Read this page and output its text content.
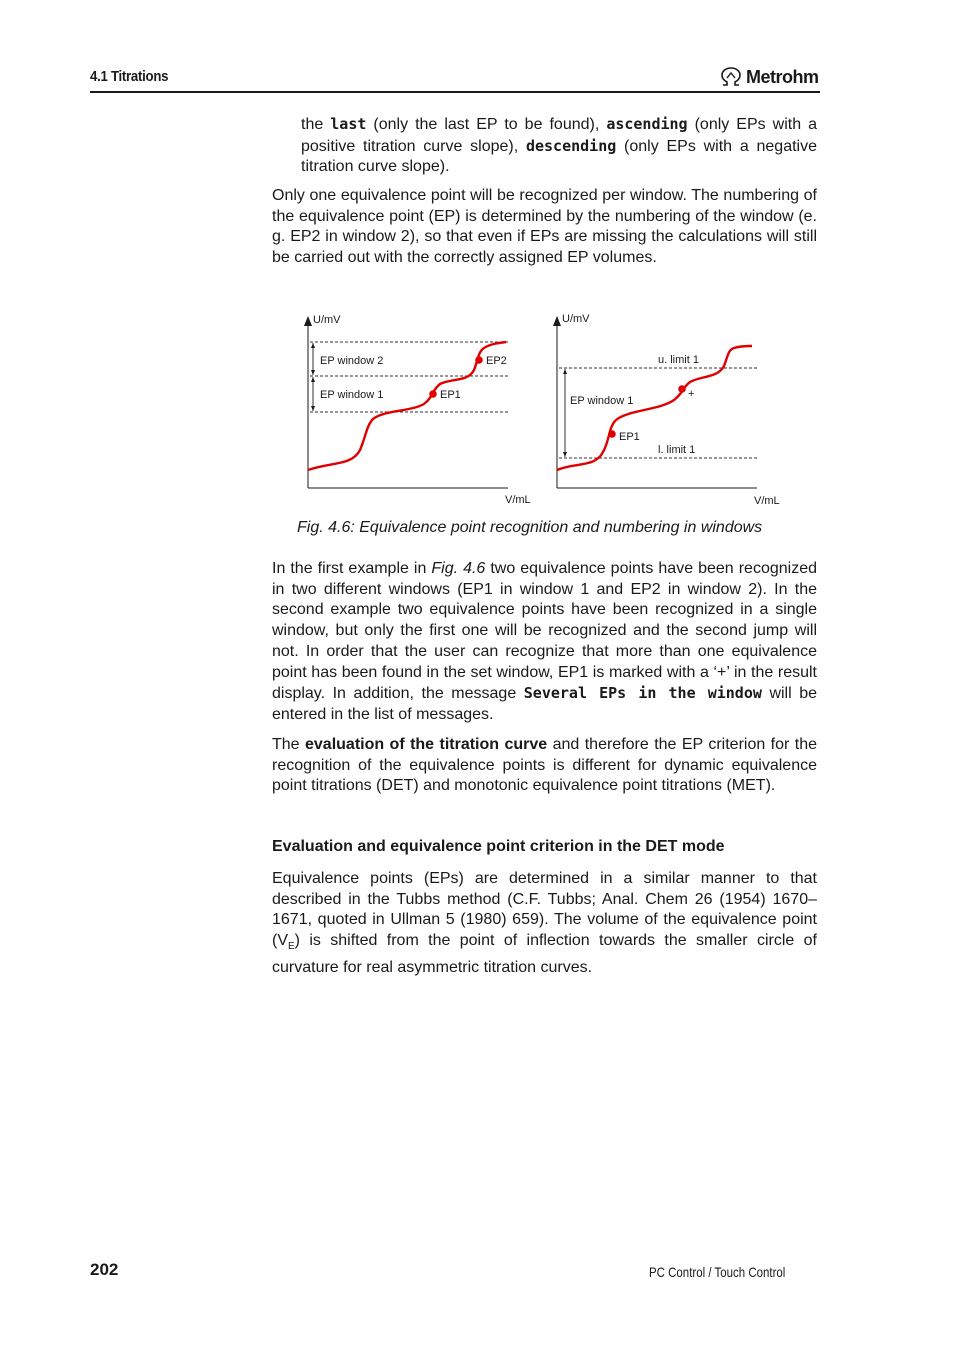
4.1 Titrations	Metrohm
the last (only the last EP to be found), ascending (only EPs with a positive titration curve slope), descending (only EPs with a negative titration curve slope).
Only one equivalence point will be recognized per window. The numbering of the equivalence point (EP) is determined by the numbering of the window (e. g. EP2 in window 2), so that even if EPs are missing the calculations will still be carried out with the correctly assigned EP volumes.
U/mV
V/mL
EP window 2
EP window 1	EP1
EP2
U/mV
V/mL
u. limit 1
l. limit 1
EP window 1
EP1
+
Fig. 4.6: Equivalence point recognition and numbering in windows
In the first example in Fig. 4.6 two equivalence points have been recognized in two different windows (EP1 in window 1 and EP2 in window 2). In the second example two equivalence points have been recognized in a single window, but only the first one will be recognized and the second jump will not. In order that the user can recognize that more than one equivalence point has been found in the set window, EP1 is marked with a ‘+’ in the result display. In addition, the message Several EPs in the window will be entered in the list of messages.
The evaluation of the titration curve and therefore the EP criterion for the recognition of the equivalence points is different for dynamic equivalence point titrations (DET) and monotonic equivalence point titrations (MET).
Evaluation and equivalence point criterion in the DET mode
Equivalence points (EPs) are determined in a similar manner to that described in the Tubbs method (C.F. Tubbs; Anal. Chem 26 (1954) 1670–1671, quoted in Ullman 5 (1980) 659). The volume of the equivalence point $(V_E)$ is shifted from the point of inflection towards the smaller circle of curvature for real asymmetric titration curves.
202	PC Control / Touch Control
